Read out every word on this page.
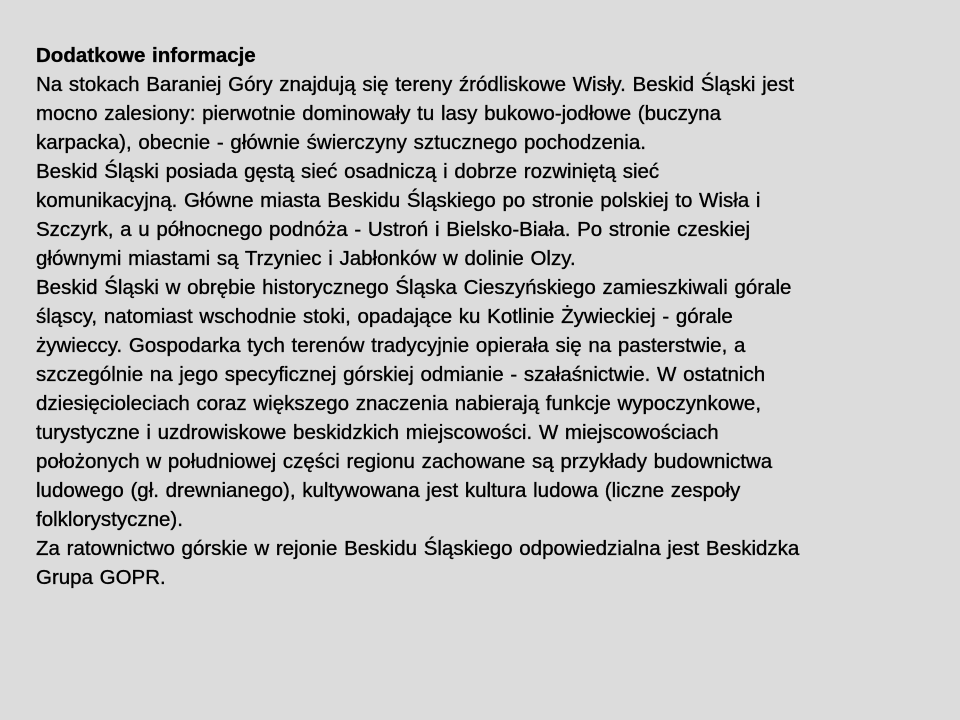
Dodatkowe informacje
Na stokach Baraniej Góry znajdują się tereny źródliskowe Wisły. Beskid Śląski jest
mocno zalesiony: pierwotnie dominowały tu lasy bukowo-jodłowe (buczyna
karpacka), obecnie - głównie świerczyny sztucznego pochodzenia.
Beskid Śląski posiada gęstą sieć osadniczą i dobrze rozwiniętą sieć
komunikacyjną. Główne miasta Beskidu Śląskiego po stronie polskiej to Wisła i
Szczyrk, a u północnego podnóża - Ustroń i Bielsko-Biała. Po stronie czeskiej
głównymi miastami są Trzyniec i Jabłonków w dolinie Olzy.
Beskid Śląski w obrębie historycznego Śląska Cieszyńskiego zamieszkiwali górale
śląscy, natomiast wschodnie stoki, opadające ku Kotlinie Żywieckiej - górale
żywieccy. Gospodarka tych terenów tradycyjnie opierała się na pasterstwie, a
szczególnie na jego specyficznej górskiej odmianie - szałaśnictwie. W ostatnich
dziesięcioleciach coraz większego znaczenia nabierają funkcje wypoczynkowe,
turystyczne i uzdrowiskowe beskidzkich miejscowości. W miejscowościach
położonych w południowej części regionu zachowane są przykłady budownictwa
ludowego (gł. drewnianego), kultywowana jest kultura ludowa (liczne zespoły
folklorystyczne).
Za ratownictwo górskie w rejonie Beskidu Śląskiego odpowiedzialna jest Beskidzka
Grupa GOPR.
